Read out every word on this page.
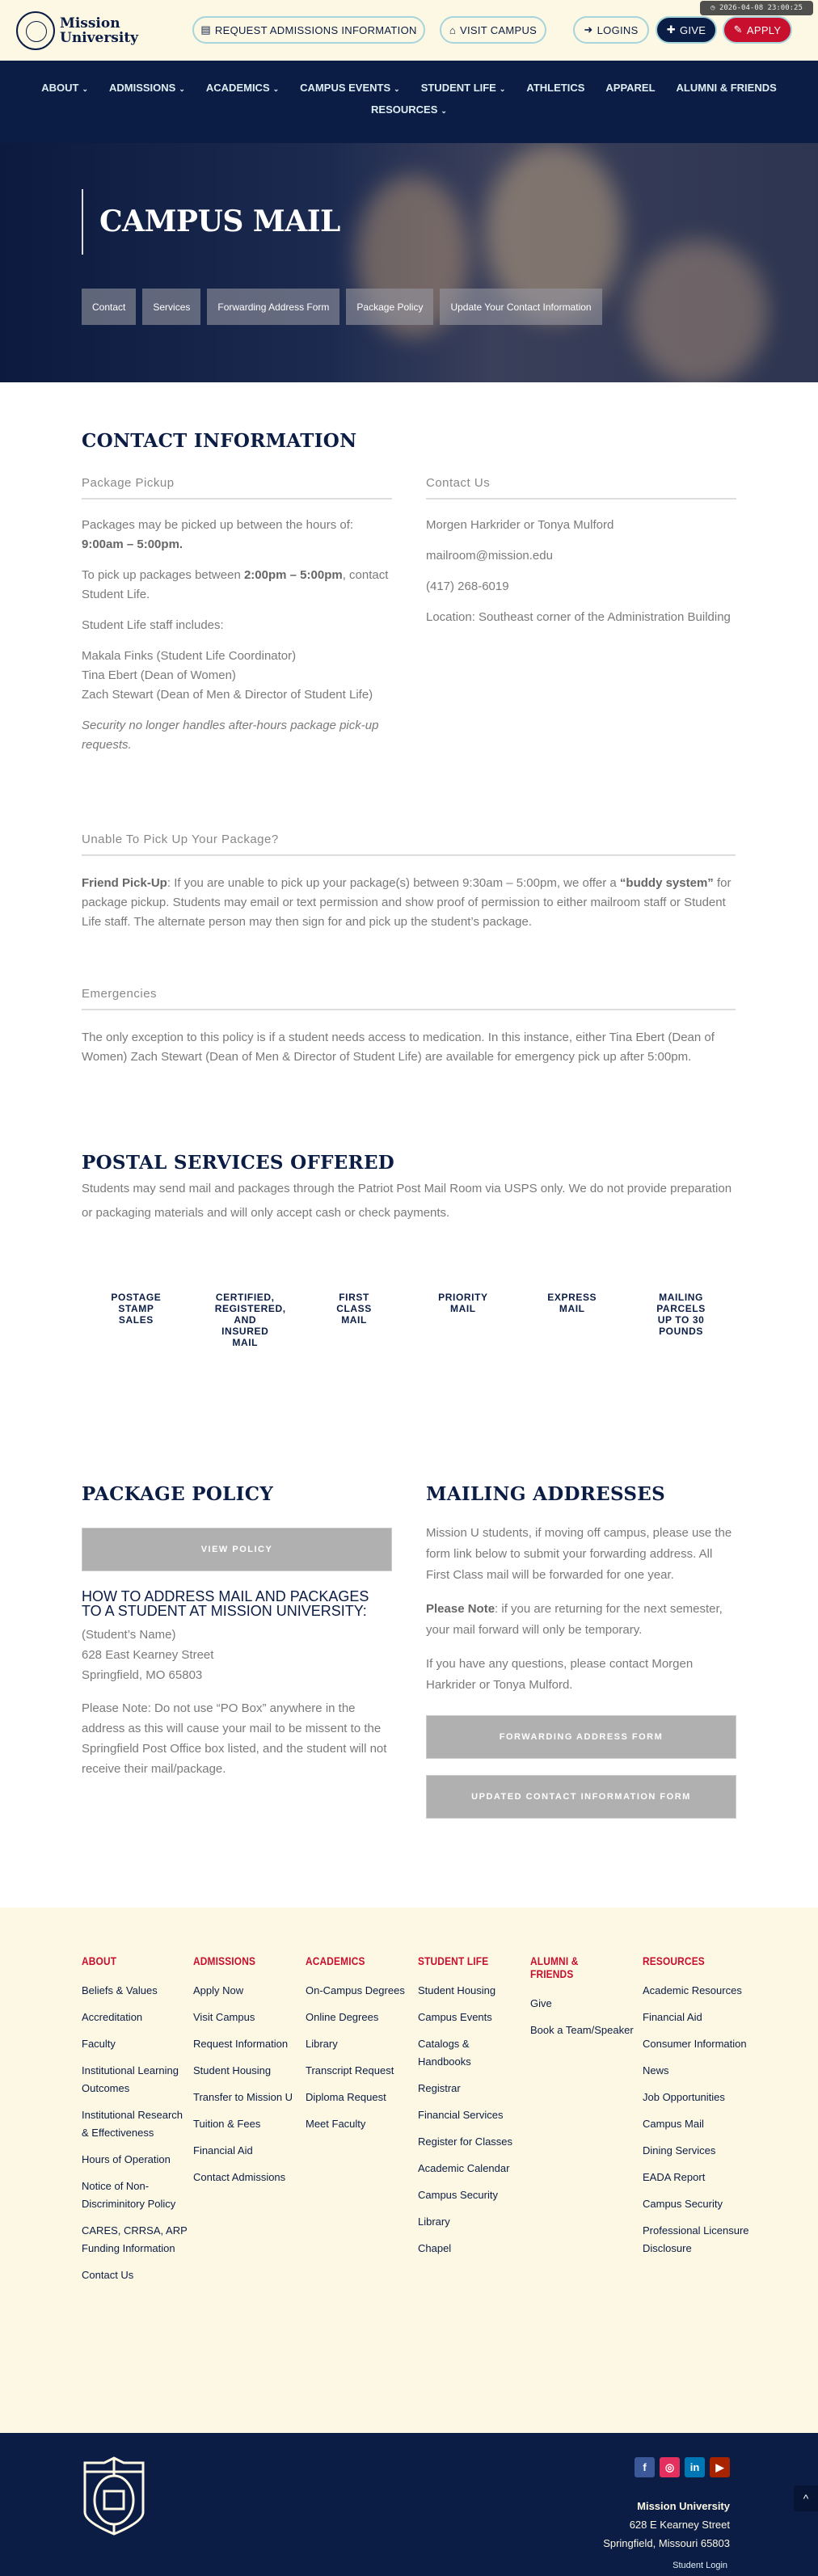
Mission
University
▤ REQUEST ADMISSIONS INFORMATION	⌂ VISIT CAMPUS	➜ LOGINS	✚ GIVE	✎ APPLY
◷ 2026-04-08 23:00:25
ABOUT ⌄ ADMISSIONS ⌄ ACADEMICS ⌄ CAMPUS EVENTS ⌄ STUDENT LIFE ⌄ ATHLETICS APPAREL ALUMNI & FRIENDS
RESOURCES ⌄
CAMPUS MAIL
Contact	Services	Forwarding Address Form	Package Policy	Update Your Contact Information
CONTACT INFORMATION
Package Pickup

Packages may be picked up between the hours of:
9:00am – 5:00pm.

To pick up packages between 2:00pm – 5:00pm, contact Student Life.

Student Life staff includes:

Makala Finks (Student Life Coordinator)
Tina Ebert (Dean of Women)
Zach Stewart (Dean of Men & Director of Student Life)

Security no longer handles after-hours package pick-up requests.

Contact Us

Morgen Harkrider or Tonya Mulford

mailroom@mission.edu

(417) 268-6019

Location: Southeast corner of the Administration Building

Unable To Pick Up Your Package?

Friend Pick-Up: If you are unable to pick up your package(s) between 9:30am – 5:00pm, we offer a “buddy system” for package pickup. Students may email or text permission and show proof of permission to either mailroom staff or Student Life staff. The alternate person may then sign for and pick up the student’s package.

Emergencies

The only exception to this policy is if a student needs access to medication. In this instance, either Tina Ebert (Dean of Women) Zach Stewart (Dean of Men & Director of Student Life) are available for emergency pick up after 5:00pm.

POSTAL SERVICES OFFERED

Students may send mail and packages through the Patriot Post Mail Room via USPS only. We do not provide preparation or packaging materials and will only accept cash or check payments.

POSTAGE STAMP SALES
CERTIFIED, REGISTERED, AND INSURED MAIL
FIRST CLASS MAIL
PRIORITY MAIL
EXPRESS MAIL
MAILING PARCELS UP TO 30 POUNDS
PACKAGE POLICY
VIEW POLICY
HOW TO ADDRESS MAIL AND PACKAGES TO A STUDENT AT MISSION UNIVERSITY:

(Student’s Name)
628 East Kearney Street
Springfield, MO 65803

Please Note: Do not use “PO Box” anywhere in the address as this will cause your mail to be missent to the Springfield Post Office box listed, and the student will not receive their mail/package.

MAILING ADDRESSES

Mission U students, if moving off campus, please use the form link below to submit your forwarding address. All First Class mail will be forwarded for one year.

Please Note: if you are returning for the next semester, your mail forward will only be temporary.

If you have any questions, please contact Morgen Harkrider or Tonya Mulford.

FORWARDING ADDRESS FORM
UPDATED CONTACT INFORMATION FORM
ABOUT
Beliefs & Values
Accreditation
Faculty
Institutional Learning Outcomes
Institutional Research & Effectiveness
Hours of Operation
Notice of Non-Discriminitory Policy
CARES, CRRSA, ARP Funding Information
Contact Us
ADMISSIONS
Apply Now
Visit Campus
Request Information
Student Housing
Transfer to Mission U
Tuition & Fees
Financial Aid
Contact Admissions
ACADEMICS
On-Campus Degrees
Online Degrees
Library
Transcript Request
Diploma Request
Meet Faculty
STUDENT LIFE
Student Housing
Campus Events
Catalogs & Handbooks
Registrar
Financial Services
Register for Classes
Academic Calendar
Campus Security
Library
Chapel
ALUMNI & FRIENDS
Give
Book a Team/Speaker
RESOURCES
Academic Resources
Financial Aid
Consumer Information
News
Job Opportunities
Campus Mail
Dining Services
EADA Report
Campus Security
Professional Licensure Disclosure
f	◎	in	▶
Mission University
628 E Kearney Street
Springfield, Missouri 65803
Student Login
^
